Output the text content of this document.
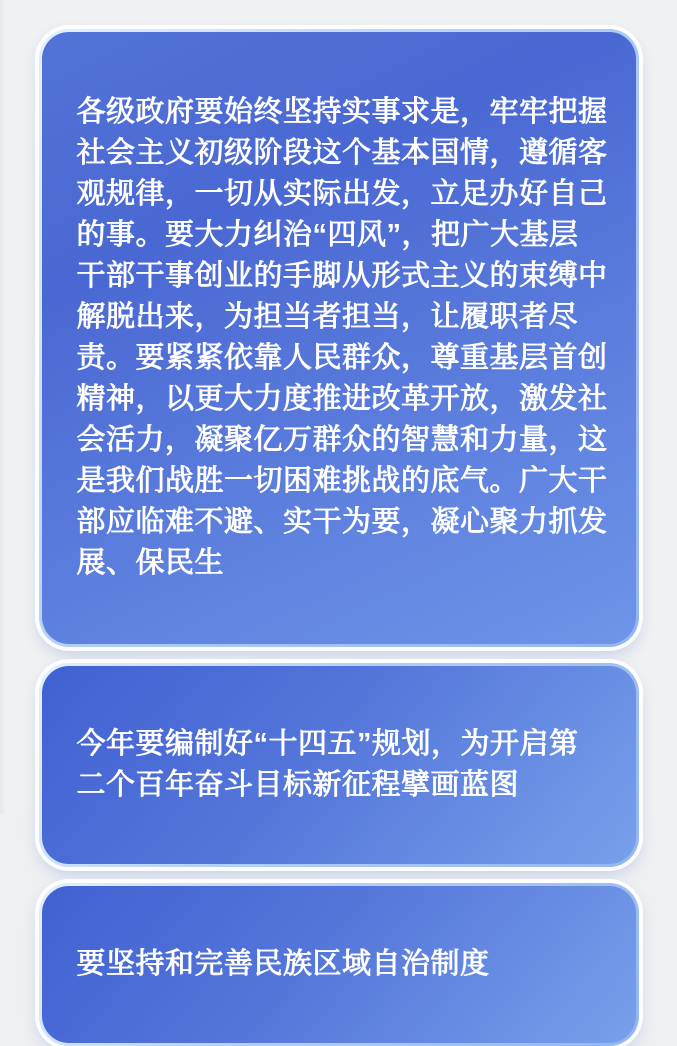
各级政府要始终坚持实事求是，牢牢把握
社会主义初级阶段这个基本国情，遵循客
观规律，一切从实际出发，立足办好自己
的事。要大力纠治“四风”，把广大基层
干部干事创业的手脚从形式主义的束缚中
解脱出来，为担当者担当，让履职者尽
责。要紧紧依靠人民群众，尊重基层首创
精神，以更大力度推进改革开放，激发社
会活力，凝聚亿万群众的智慧和力量，这
是我们战胜一切困难挑战的底气。广大干
部应临难不避、实干为要，凝心聚力抓发
展、保民生

今年要编制好“十四五”规划，为开启第
二个百年奋斗目标新征程擘画蓝图

要坚持和完善民族区域自治制度
